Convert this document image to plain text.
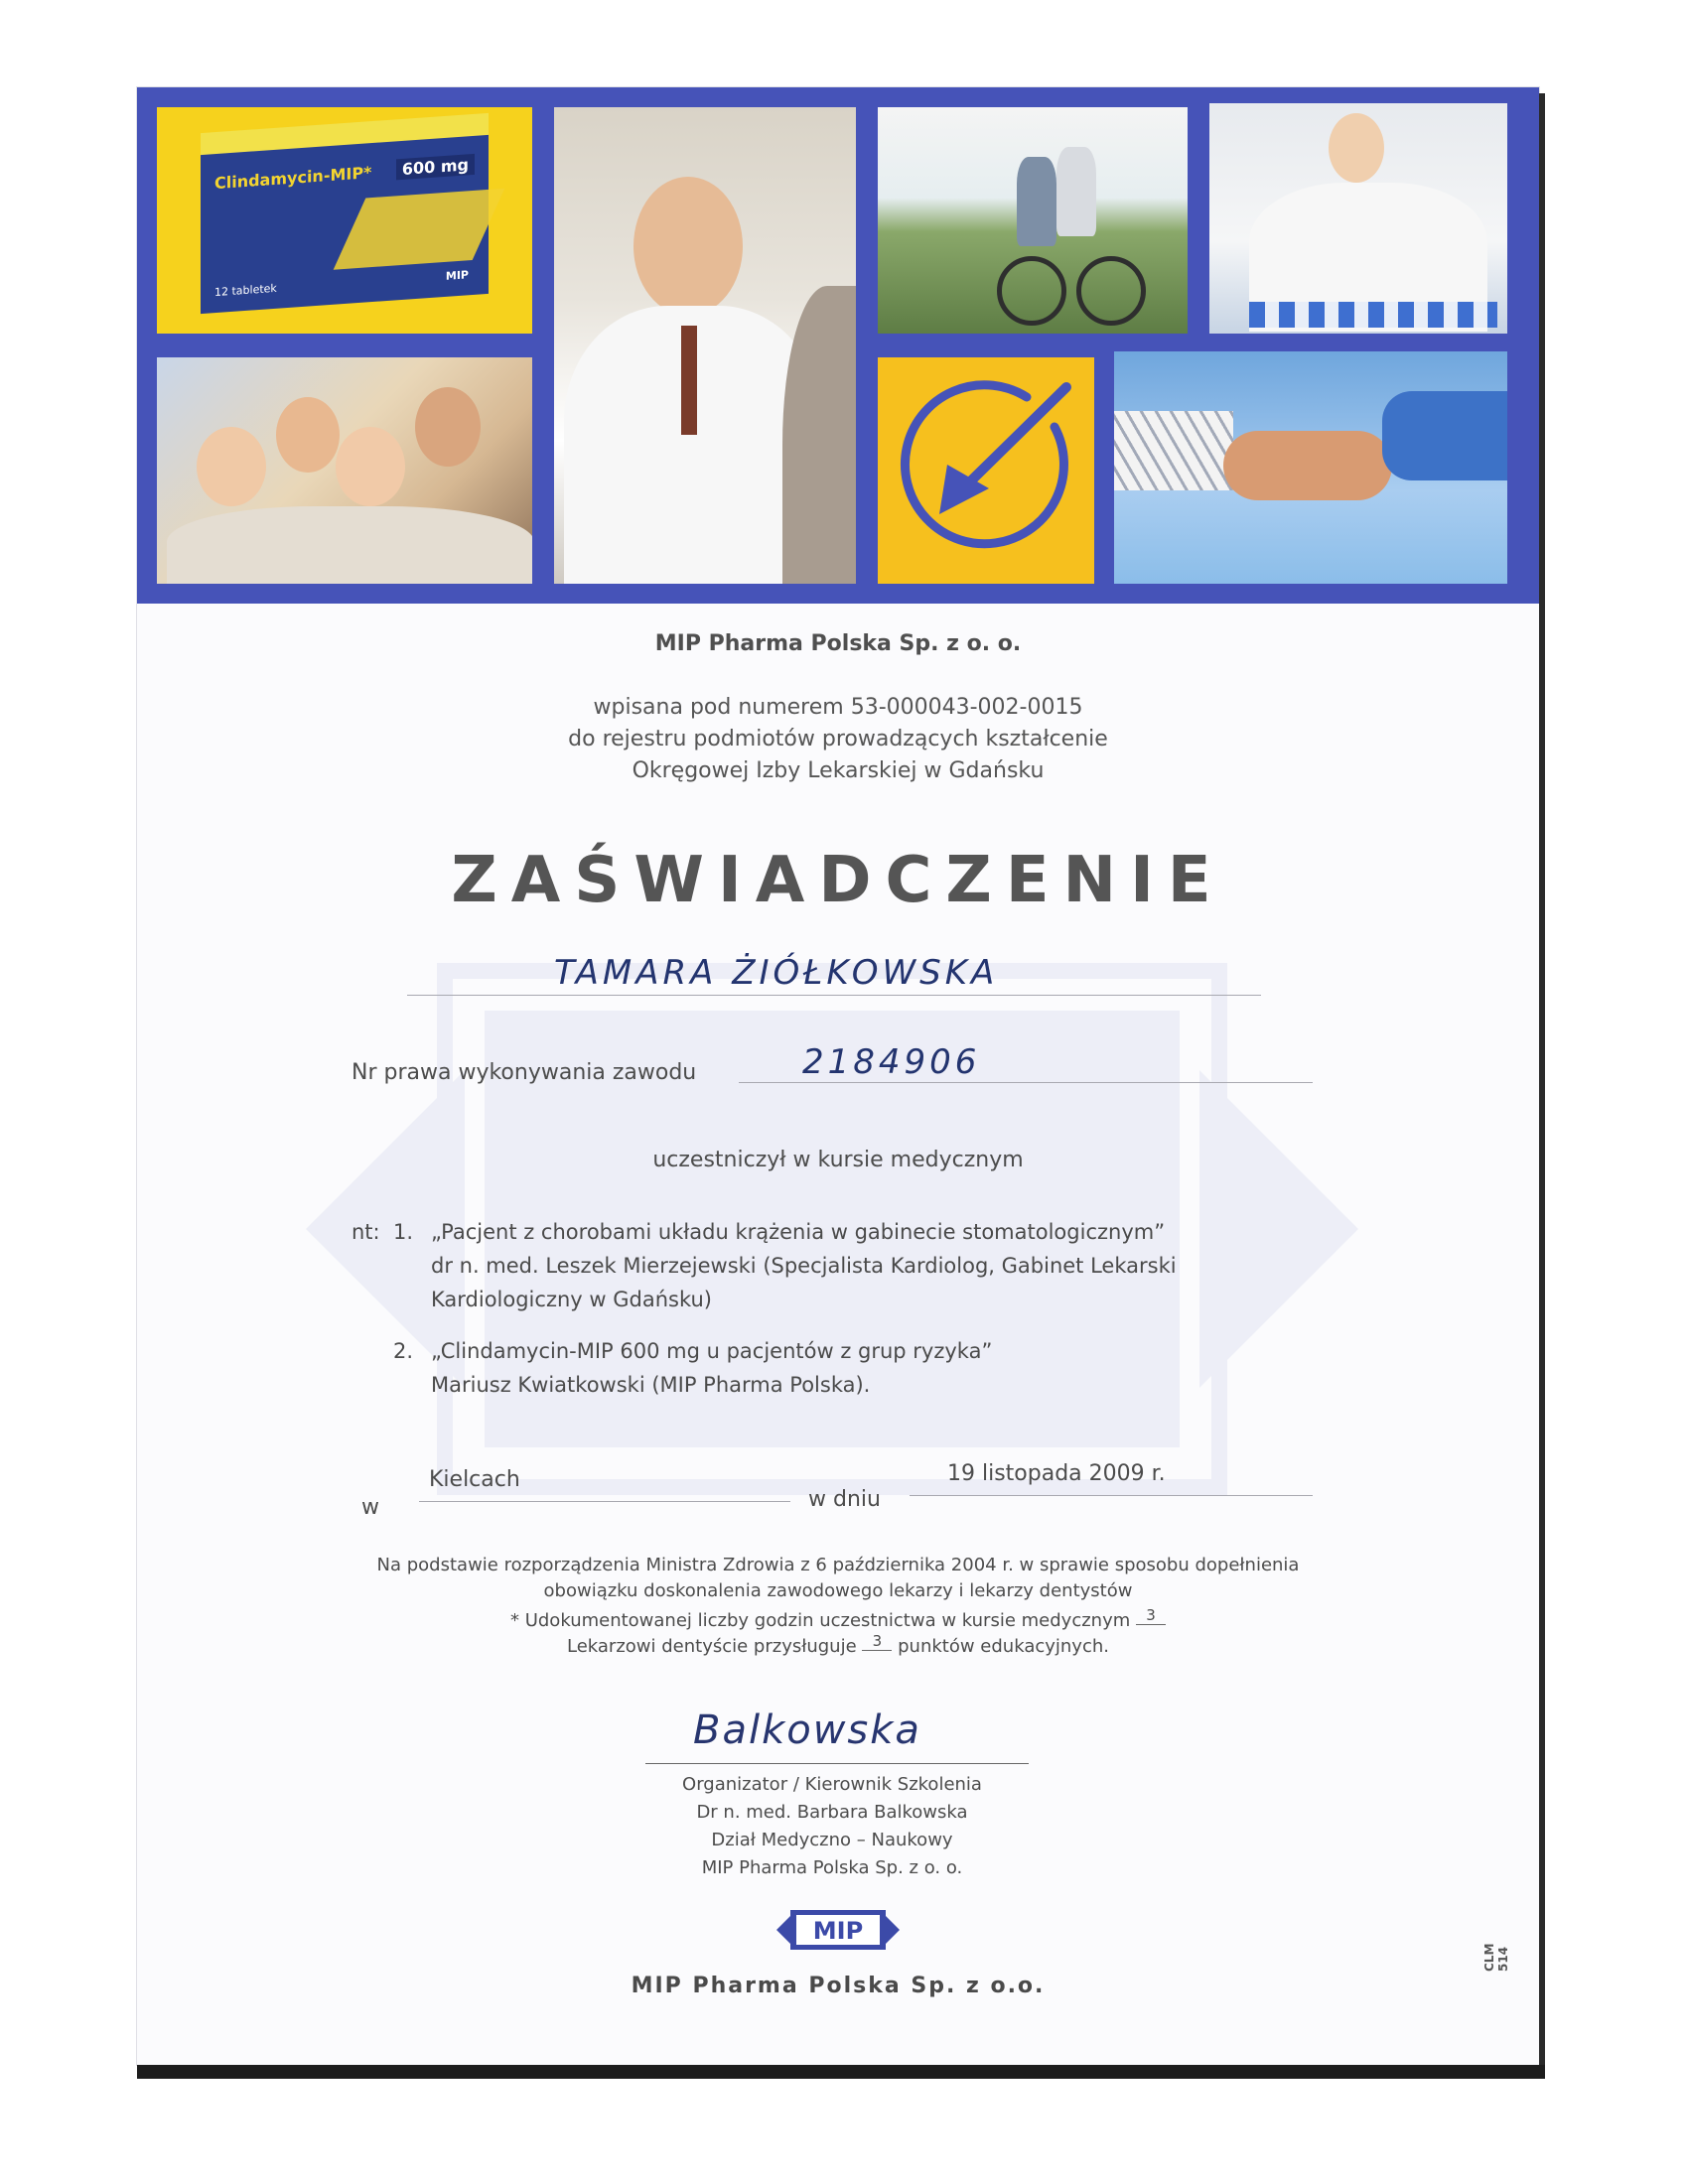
Clindamycin-MIP*	600 mg
12 tabletek
MIP
MIP Pharma Polska Sp. z o. o.
wpisana pod numerem 53-000043-002-0015
do rejestru podmiotów prowadzących kształcenie
Okręgowej Izby Lekarskiej w Gdańsku
ZAŚWIADCZENIE
TAMARA ŻIÓŁKOWSKA
Nr prawa wykonywania zawodu	2184906
uczestniczył w kursie medycznym
nt: 1. „Pacjent z chorobami układu krążenia w gabinecie stomatologicznym”
dr n. med. Leszek Mierzejewski (Specjalista Kardiolog, Gabinet Lekarski
Kardiologiczny w Gdańsku)
2. „Clindamycin-MIP 600 mg u pacjentów z grup ryzyka”
Mariusz Kwiatkowski (MIP Pharma Polska).
w
Kielcach
w dniu
19 listopada 2009 r.
Na podstawie rozporządzenia Ministra Zdrowia z 6 października 2004 r. w sprawie sposobu dopełnienia
obowiązku doskonalenia zawodowego lekarzy i lekarzy dentystów
* Udokumentowanej liczby godzin uczestnictwa w kursie medycznym 3
Lekarzowi dentyście przysługuje 3 punktów edukacyjnych.
Balkowska
Organizator / Kierownik Szkolenia
Dr n. med. Barbara Balkowska
Dział Medyczno – Naukowy
MIP Pharma Polska Sp. z o. o.
MIP
MIP Pharma Polska Sp. z o.o.
CLM 514
